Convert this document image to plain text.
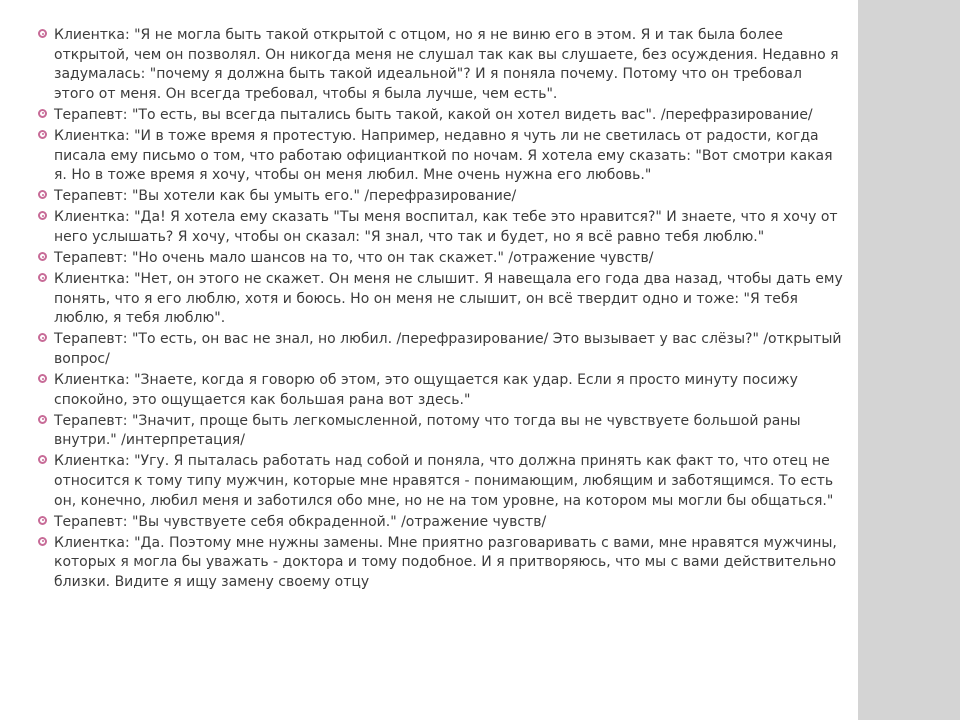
Клиентка: "Я не могла быть такой открытой с отцом, но я не виню его в этом. Я и так была более открытой, чем он позволял. Он никогда меня не слушал так как вы слушаете, без осуждения. Недавно я задумалась: "почему я должна быть такой идеальной"? И я поняла почему. Потому что он требовал этого от меня. Он всегда требовал, чтобы я была лучше, чем есть".
Терапевт: "То есть, вы всегда пытались быть такой, какой он хотел видеть вас". /перефразирование/
Клиентка: "И в тоже время я протестую. Например, недавно я чуть ли не светилась от радости, когда писала ему письмо о том, что работаю официанткой по ночам. Я хотела ему сказать: "Вот смотри какая я. Но в тоже время я хочу, чтобы он меня любил. Мне очень нужна его любовь."
Терапевт: "Вы хотели как бы умыть его." /перефразирование/
Клиентка: "Да! Я хотела ему сказать "Ты меня воспитал, как тебе это нравится?" И знаете, что я хочу от него услышать? Я хочу, чтобы он сказал: "Я знал, что так и будет, но я всё равно тебя люблю."
Терапевт: "Но очень мало шансов на то, что он так скажет." /отражение чувств/
Клиентка: "Нет, он этого не скажет. Он меня не слышит. Я навещала его года два назад, чтобы дать ему понять, что я его люблю, хотя и боюсь. Но он меня не слышит, он всё твердит одно и тоже: "Я тебя люблю, я тебя люблю".
Терапевт: "То есть, он вас не знал, но любил. /перефразирование/ Это вызывает у вас слёзы?" /открытый вопрос/
Клиентка: "Знаете, когда я говорю об этом, это ощущается как удар. Если я просто минуту посижу спокойно, это ощущается как большая рана вот здесь."
Терапевт: "Значит, проще быть легкомысленной, потому что тогда вы не чувствуете большой раны внутри." /интерпретация/
Клиентка: "Угу. Я пыталась работать над собой и поняла, что должна принять как факт то, что отец не относится к тому типу мужчин, которые мне нравятся - понимающим, любящим и заботящимся. То есть он, конечно, любил меня и заботился обо мне, но не на том уровне, на котором мы могли бы общаться."
Терапевт: "Вы чувствуете себя обкраденной." /отражение чувств/
Клиентка: "Да. Поэтому мне нужны замены. Мне приятно разговаривать с вами, мне нравятся мужчины, которых я могла бы уважать - доктора и тому подобное. И я притворяюсь, что мы с вами действительно близки. Видите я ищу замену своему отцу
